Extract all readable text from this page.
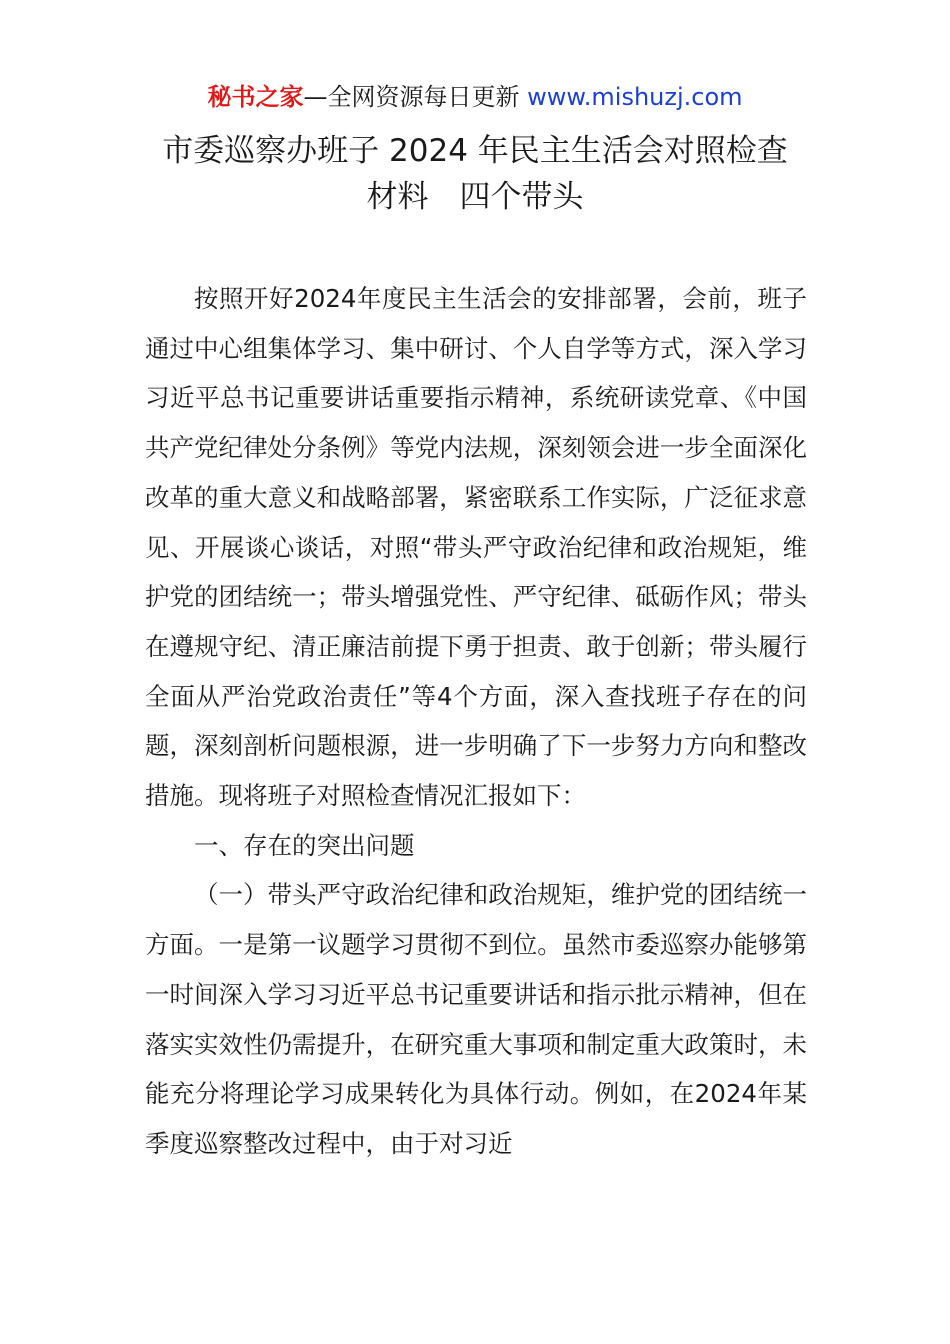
秘书之家—全网资源每日更新 www.mishuzj.com
市委巡察办班子 2024 年民主生活会对照检查
材料　四个带头

按照开好2024年度民主生活会的安排部署，会前，班子通过中心组集体学习、集中研讨、个人自学等方式，深入学习习近平总书记重要讲话重要指示精神，系统研读党章、《中国共产党纪律处分条例》等党内法规，深刻领会进一步全面深化改革的重大意义和战略部署，紧密联系工作实际，广泛征求意见、开展谈心谈话，对照“带头严守政治纪律和政治规矩，维护党的团结统一；带头增强党性、严守纪律、砥砺作风；带头在遵规守纪、清正廉洁前提下勇于担责、敢于创新；带头履行全面从严治党政治责任”等4个方面，深入查找班子存在的问题，深刻剖析问题根源，进一步明确了下一步努力方向和整改措施。现将班子对照检查情况汇报如下：

一、存在的突出问题

（一）带头严守政治纪律和政治规矩，维护党的团结统一方面。一是第一议题学习贯彻不到位。虽然市委巡察办能够第一时间深入学习习近平总书记重要讲话和指示批示精神，但在落实实效性仍需提升，在研究重大事项和制定重大政策时，未能充分将理论学习成果转化为具体行动。例如，在2024年某季度巡察整改过程中，由于对习近
